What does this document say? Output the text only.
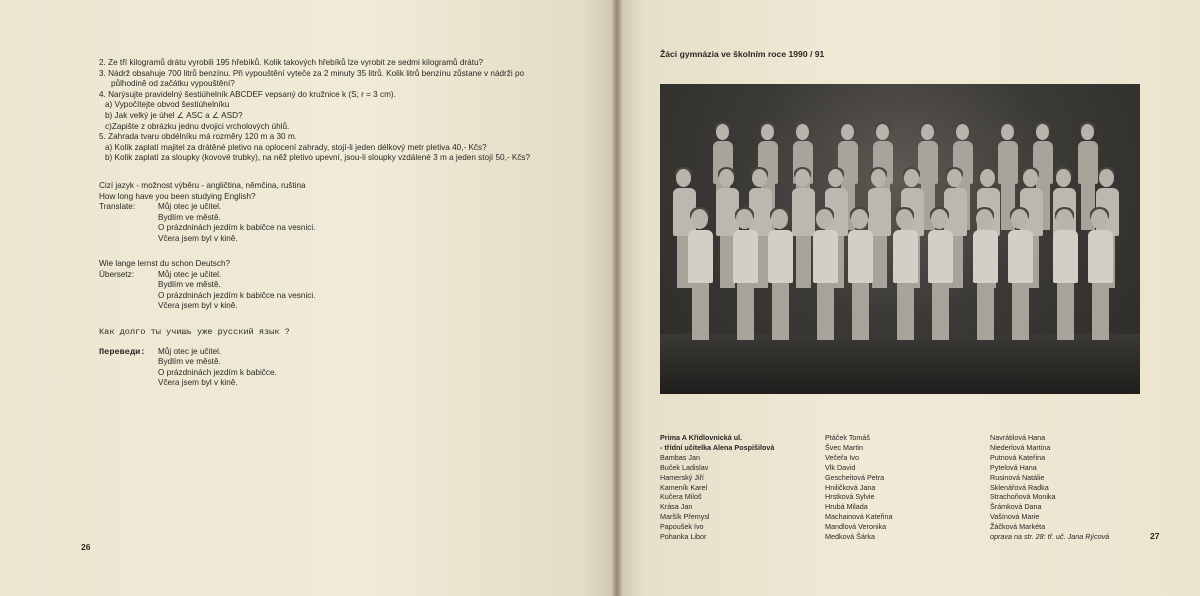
2. Ze tří kilogramů drátu vyrobili 195 hřebíků. Kolik takových hřebíků lze vyrobit ze sedmi kilogramů drátu?
3. Nádrž obsahuje 700 litrů benzínu. Při vypouštění vyteče za 2 minuty 35 litrů. Kolik litrů benzínu zůstane v nádrži po
půlhodině od začátku vypouštění?
4. Narýsujte pravidelný šestiúhelník ABCDEF vepsaný do kružnice k (S; r = 3 cm).
a) Vypočítejte obvod šestiúhelníku
b) Jak velký je úhel ∠ ASC a ∠ ASD?
c)Zapište z obrázku jednu dvojici vrcholových úhlů.
5. Zahrada tvaru obdélníku má rozměry 120 m a 30 m.
a) Kolik zaplatí majitel za drátěné pletivo na oplocení zahrady, stojí-li jeden délkový metr pletiva 40,- Kčs?
b) Kolik zaplatí za sloupky (kovové trubky), na něž pletivo upevní, jsou-li sloupky vzdálené 3 m a jeden stojí 50,- Kčs?
Cizí jazyk - možnost výběru - angličtina, němčina, ruština
How long have you been studying English?
Translate:	Můj otec je učitel.
Bydlím ve městě.
O prázdninách jezdím k babičce na vesnici.
Včera jsem byl v kině.
Wie lange lernst du schon Deutsch?
Übersetz:	Můj otec je učitel.
Bydlím ve městě.
O prázdninách jezdím k babičce na vesnici.
Včera jsem byl v kině.
Как долго ты учишь уже русский язык ?
Переведи:	Můj otec je učitel.
Bydlím ve městě.
O prázdninách jezdím k babičce.
Včera jsem byl v kině.
26
Žáci gymnázia ve školním roce 1990 / 91
Prima A Křídlovnická ul.
- třídní učitelka Alena Pospíšilová
Bambas Jan
Buček Ladislav
Hamerský Jiří
Kameník Karel
Kučera Miloš
Krása Jan
Maršík Přemysl
Papoušek Ivo
Pohanka Libor
Ptáček Tomáš
Švec Martin
Večeřa Ivo
Vlk David
Gescheitová Petra
Hniličková Jana
Hrstková Sylvie
Hrubá Milada
Machainová Kateřina
Mandlová Veronika
Medková Šárka
Navrátilová Hana
Niederlová Martina
Putnová Kateřina
Pytelová Hana
Rusinová Natálie
Sklenářová Radka
Strachoňová Monika
Šrámková Dana
Vašínová Marie
Žáčková Markéta
oprava na str. 28: tř. uč. Jana Rýcová	27
